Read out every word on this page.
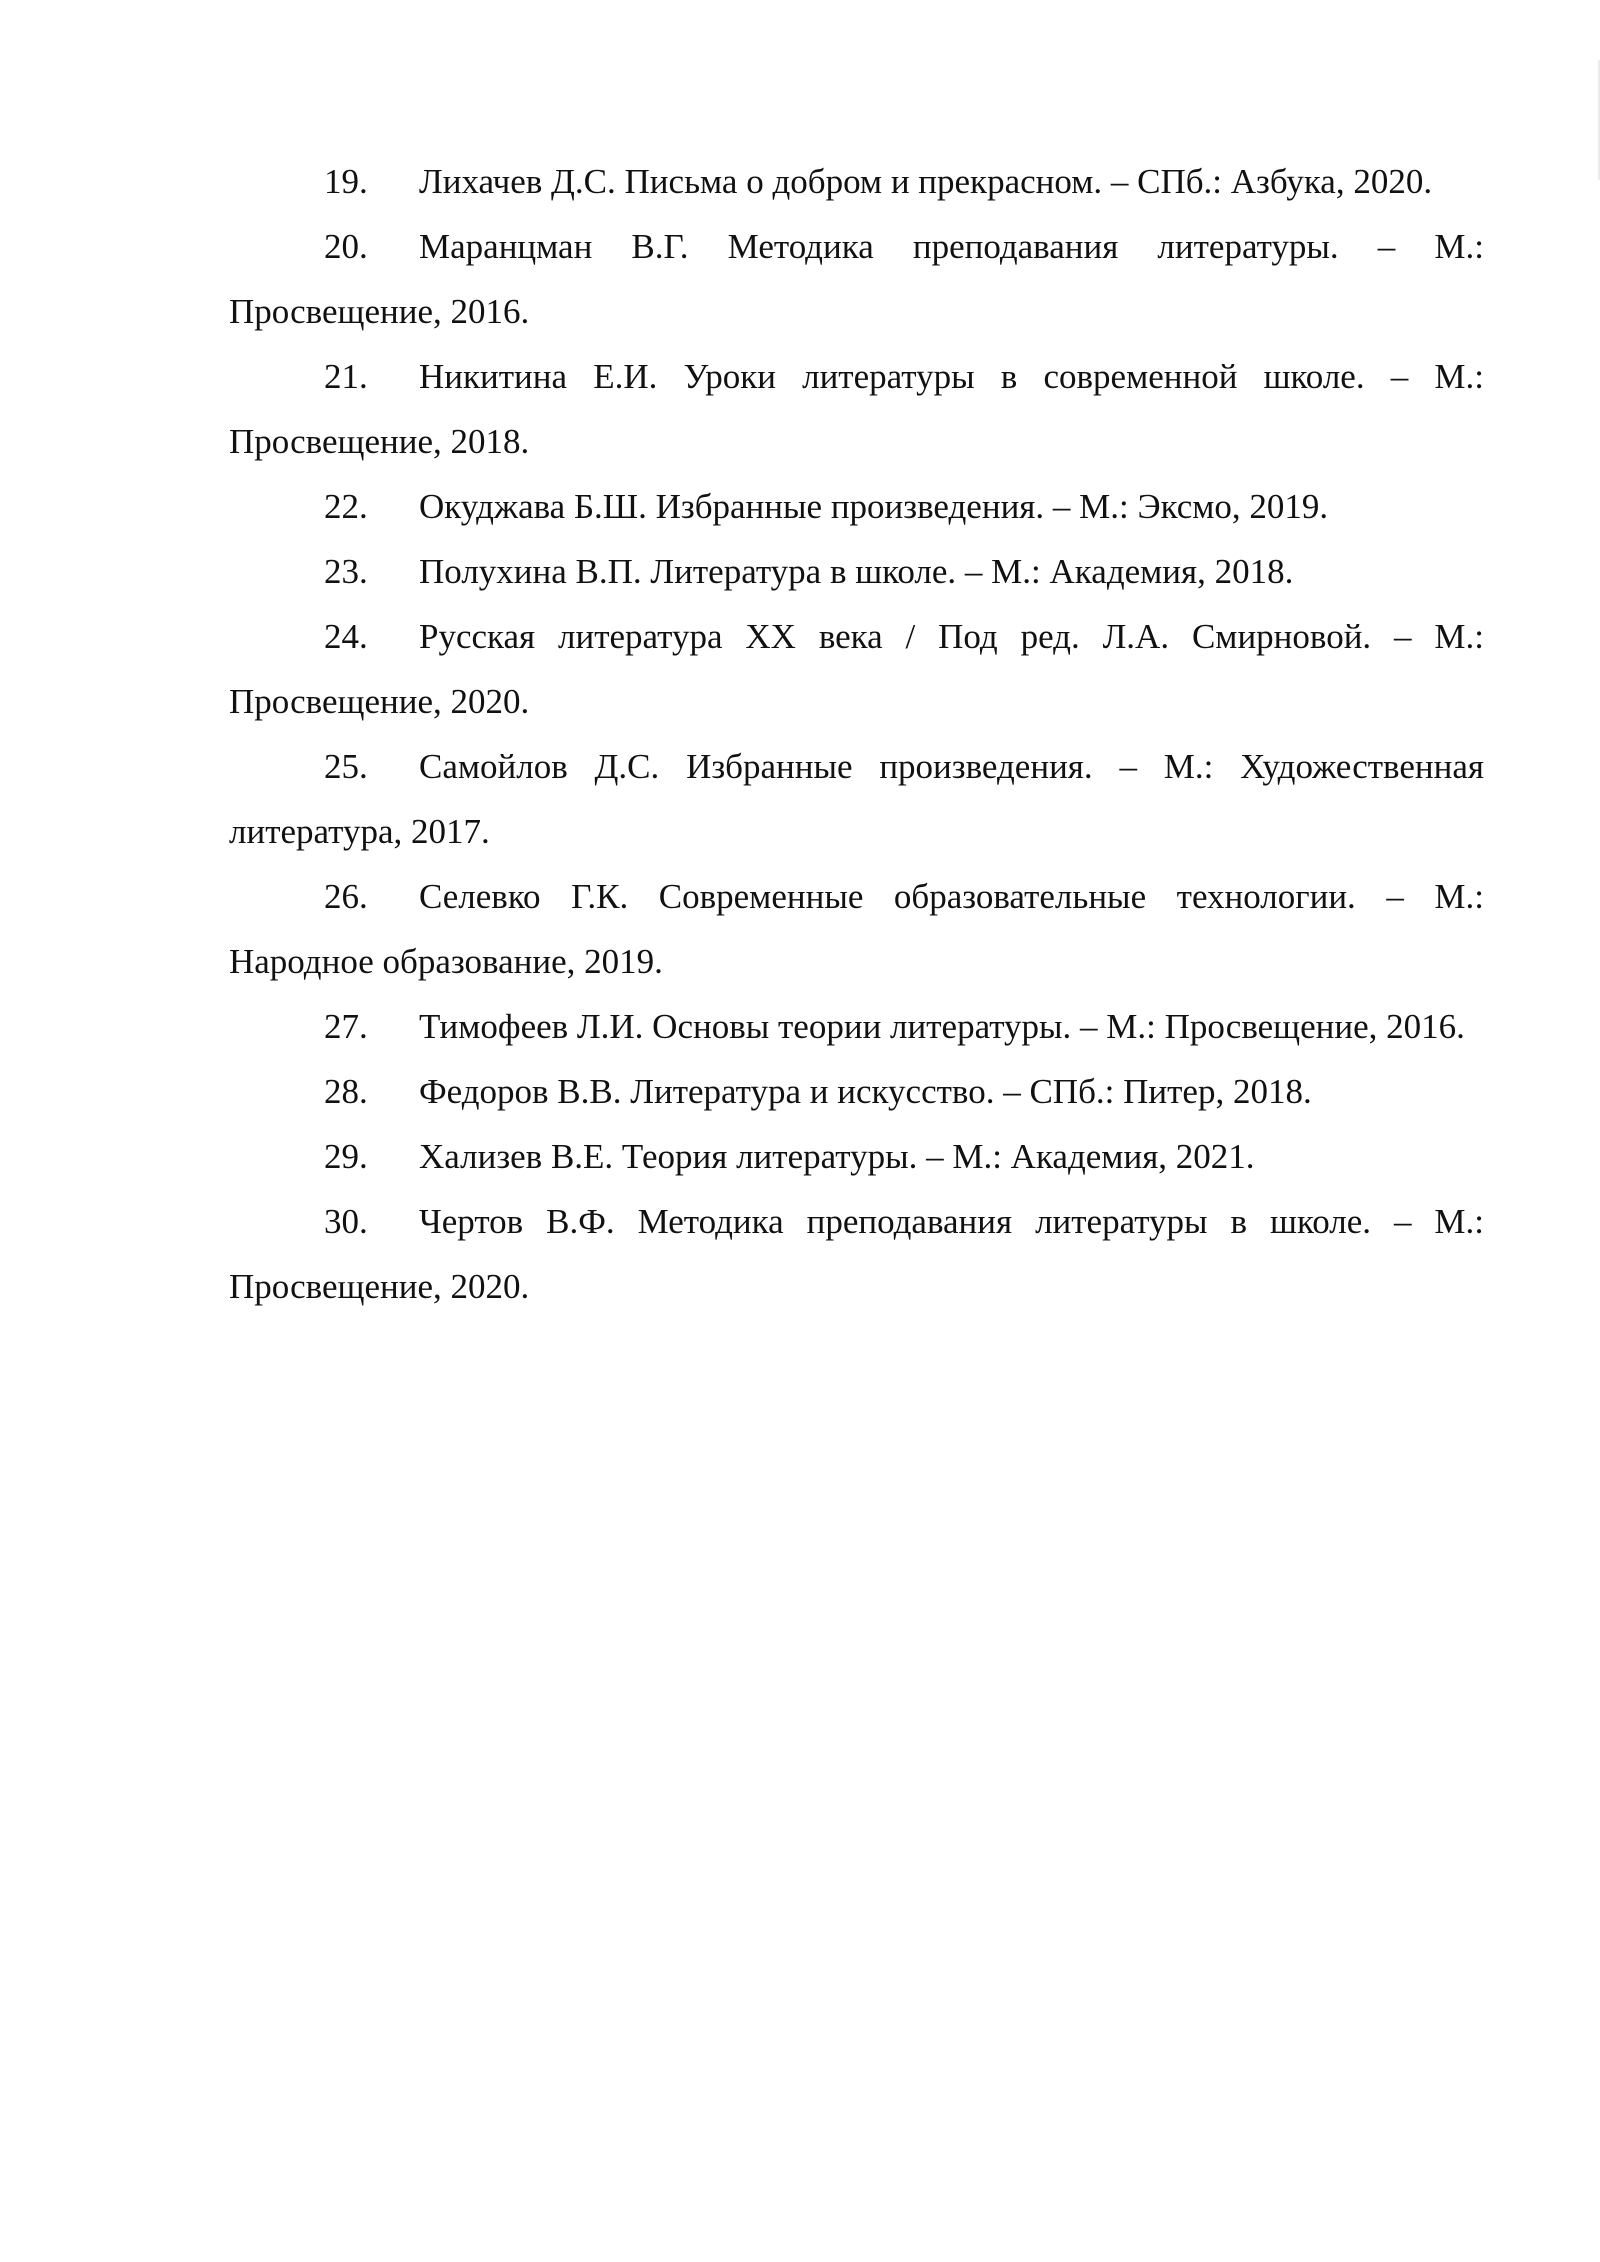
19. Лихачев Д.С. Письма о добром и прекрасном. – СПб.: Азбука, 2020.

20. Маранцман В.Г. Методика преподавания литературы. – М.: Просвещение, 2016.

21. Никитина Е.И. Уроки литературы в современной школе. – М.: Просвещение, 2018.

22. Окуджава Б.Ш. Избранные произведения. – М.: Эксмо, 2019.

23. Полухина В.П. Литература в школе. – М.: Академия, 2018.

24. Русская литература XX века / Под ред. Л.А. Смирновой. – М.: Просвещение, 2020.

25. Самойлов Д.С. Избранные произведения. – М.: Художественная литература, 2017.

26. Селевко Г.К. Современные образовательные технологии. – М.: Народное образование, 2019.

27. Тимофеев Л.И. Основы теории литературы. – М.: Просвещение, 2016.

28. Федоров В.В. Литература и искусство. – СПб.: Питер, 2018.

29. Хализев В.Е. Теория литературы. – М.: Академия, 2021.

30. Чертов В.Ф. Методика преподавания литературы в школе. – М.: Просвещение, 2020.
